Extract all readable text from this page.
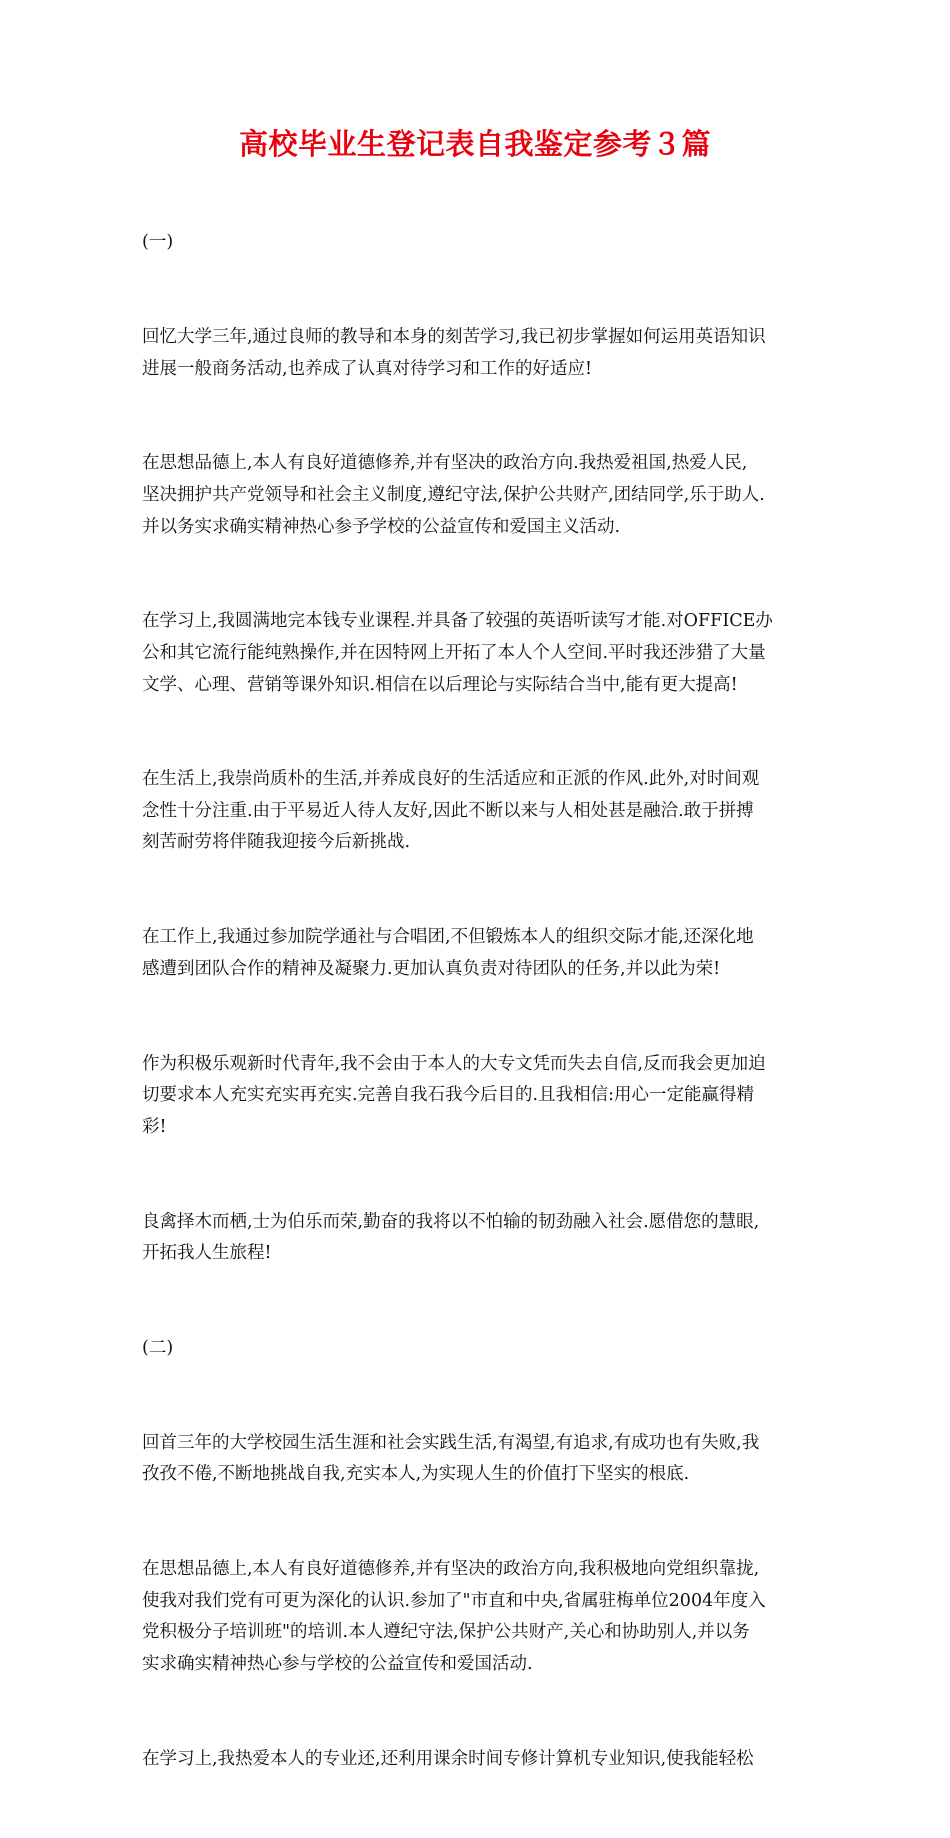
高校毕业生登记表自我鉴定参考３篇

(一)

回忆大学三年,通过良师的教导和本身的刻苦学习,我已初步掌握如何运用英语知识
进展一般商务活动,也养成了认真对待学习和工作的好适应!

在思想品德上,本人有良好道德修养,并有坚决的政治方向.我热爱祖国,热爱人民,
坚决拥护共产党领导和社会主义制度,遵纪守法,保护公共财产,团结同学,乐于助人.
并以务实求确实精神热心参予学校的公益宣传和爱国主义活动.

在学习上,我圆满地完本钱专业课程.并具备了较强的英语听读写才能.对OFFICE办
公和其它流行能纯熟操作,并在因特网上开拓了本人个人空间.平时我还涉猎了大量
文学、心理、营销等课外知识.相信在以后理论与实际结合当中,能有更大提高!

在生活上,我崇尚质朴的生活,并养成良好的生活适应和正派的作风.此外,对时间观
念性十分注重.由于平易近人待人友好,因此不断以来与人相处甚是融洽.敢于拼搏
刻苦耐劳将伴随我迎接今后新挑战.

在工作上,我通过参加院学通社与合唱团,不但锻炼本人的组织交际才能,还深化地
感遭到团队合作的精神及凝聚力.更加认真负责对待团队的任务,并以此为荣!

作为积极乐观新时代青年,我不会由于本人的大专文凭而失去自信,反而我会更加迫
切要求本人充实充实再充实.完善自我石我今后目的.且我相信:用心一定能赢得精
彩!

良禽择木而栖,士为伯乐而荣,勤奋的我将以不怕输的韧劲融入社会.愿借您的慧眼,
开拓我人生旅程!

(二)

回首三年的大学校园生活生涯和社会实践生活,有渴望,有追求,有成功也有失败,我
孜孜不倦,不断地挑战自我,充实本人,为实现人生的价值打下坚实的根底.

在思想品德上,本人有良好道德修养,并有坚决的政治方向,我积极地向党组织靠拢,
使我对我们党有可更为深化的认识.参加了"市直和中央,省属驻梅单位2004年度入
党积极分子培训班"的培训.本人遵纪守法,保护公共财产,关心和协助别人,并以务
实求确实精神热心参与学校的公益宣传和爱国活动.

在学习上,我热爱本人的专业还,还利用课余时间专修计算机专业知识,使我能轻松
